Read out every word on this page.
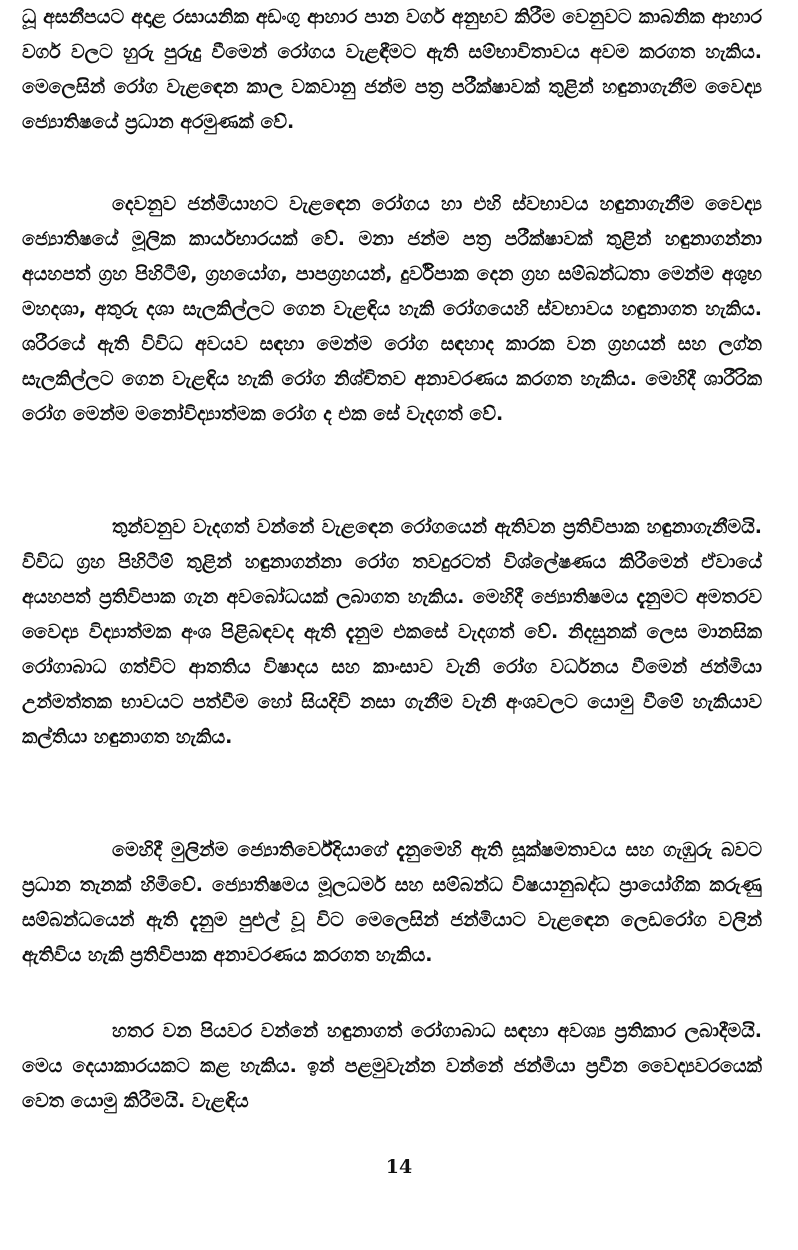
ධූ අසනීපයට අදාළ රසායනික අඩංගු ආහාර පාන වර්ග අනුභව කිරීම වෙනුවට කාබනික ආහාර වර්ග වලට හුරු පුරුදු වීමෙන් රෝගය වැළඳීමට ඇති සම්භාවිතාවය අවම කරගත හැකිය. මෙලෙසින් රෝග වැළඳෙන කාල වකවානු ජන්ම පත්‍ර පරීක්ෂාවක් තුළින් හඳුනාගැනීම වෛද්‍ය ජ්‍යොතිෂයේ ප්‍රධාන අරමුණක් වේ.

දෙවනුව ජන්මියාහට වැළඳෙන රෝගය හා එහි ස්වභාවය හඳුනාගැනීම වෛද්‍ය ජ්‍යොතිෂයේ මූලික කාර්යභාරයක් වේ. මනා ජන්ම පත්‍ර පරීක්ෂාවක් තුළින් හඳුනාගන්නා අයහපත් ග්‍රහ පිහිටීම්, ග්‍රහයෝග, පාපග්‍රහයන්, දුර්විපාක දෙන ග්‍රහ සම්බන්ධතා මෙන්ම අශුභ මහදශා, අතුරු දශා සැලකිල්ලට ගෙන වැළඳිය හැකි රෝගයෙහි ස්වභාවය හඳුනාගත හැකිය. ශරීරයේ ඇති විවිධ අවයව සඳහා මෙන්ම රෝග සඳහාද කාරක වන ග්‍රහයන් සහ ලග්න සැලකිල්ලට ගෙන වැළඳිය හැකි රෝග නිශ්චිතව අනාවරණය කරගත හැකිය. මෙහිදී ශාරීරික රෝග මෙන්ම මනෝවිද්‍යාත්මක රෝග ද එක සේ වැදගත් වේ.

තුන්වනුව වැදගත් වන්නේ වැළඳෙන රෝගයෙන් ඇතිවන ප්‍රතිවිපාක හඳුනාගැනීමයි. විවිධ ග්‍රහ පිහිටීම් තුළින් හඳුනාගන්නා රෝග තවදුරටත් විශ්ලේෂණය කිරීමෙන් ඒවායේ අයහපත් ප්‍රතිවිපාක ගැන අවබෝධයක් ලබාගත හැකිය. මෙහිදී ජ්‍යොතිෂමය දැනුමට අමතරව වෛද්‍ය විද්‍යාත්මක අංශ පිළිබඳවද ඇති දැනුම එකසේ වැදගත් වේ. නිදසුනක් ලෙස මානසික රෝගාබාධ ගත්විට ආතතිය විෂාදය සහ කාංසාව වැනි රෝග වර්ධනය වීමෙන් ජන්මියා උන්මත්තක භාවයට පත්වීම හෝ සියදිවි නසා ගැනීම වැනි අංශවලට යොමු වීමේ හැකියාව කල්තියා හඳුනාගත හැකිය.

මෙහිදී මුලින්ම ජ්‍යොතිර්වේදියාගේ දැනුමෙහි ඇති සූක්ෂමතාවය සහ ගැඹුරු බවට ප්‍රධාන තැනක් හිමිවේ. ජ්‍යොතිෂමය මූලධර්ම සහ සම්බන්ධ විෂයානුබද්ධ ප්‍රායෝගික කරුණු සම්බන්ධයෙන් ඇති දැනුම පුළුල් වූ විට මෙලෙසින් ජන්මියාට වැළඳෙන ලෙඩරෝග වලින් ඇතිවිය හැකි ප්‍රතිවිපාක අනාවරණය කරගත හැකිය.

හතර වන පියවර වන්නේ හඳුනාගත් රෝගාබාධ සඳහා අවශ්‍ය ප්‍රතිකාර ලබාදීමයි. මෙය දෙයාකාරයකට කළ හැකිය. ඉන් පළමුවැන්න වන්නේ ජන්මියා ප්‍රවීන වෛද්‍යවරයෙක් වෙත යොමු කිරීමයි. වැළඳිය

14
